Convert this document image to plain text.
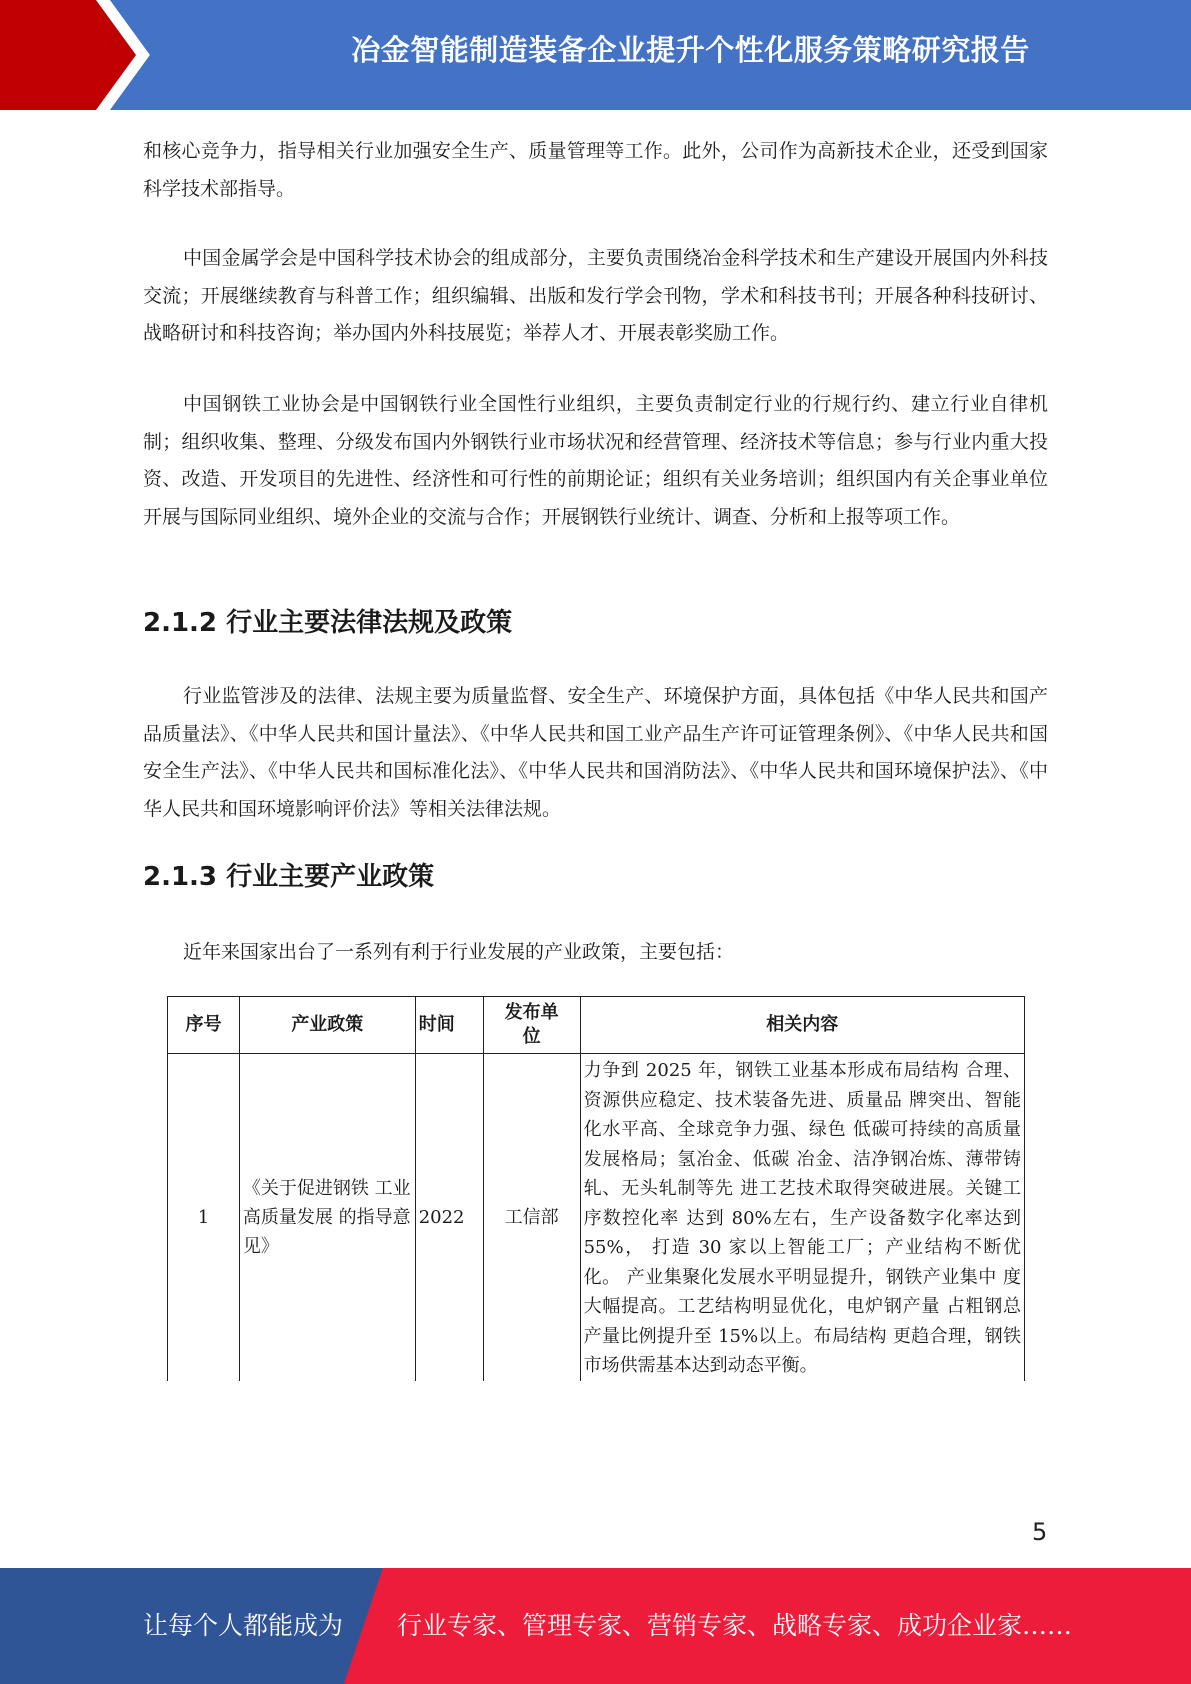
冶金智能制造装备企业提升个性化服务策略研究报告

和核心竞争力，指导相关行业加强安全生产、质量管理等工作。此外，公司作为高新技术企业，还受到国家科学技术部指导。

中国金属学会是中国科学技术协会的组成部分，主要负责围绕冶金科学技术和生产建设开展国内外科技交流；开展继续教育与科普工作；组织编辑、出版和发行学会刊物，学术和科技书刊；开展各种科技研讨、战略研讨和科技咨询；举办国内外科技展览；举荐人才、开展表彰奖励工作。

中国钢铁工业协会是中国钢铁行业全国性行业组织，主要负责制定行业的行规行约、建立行业自律机制；组织收集、整理、分级发布国内外钢铁行业市场状况和经营管理、经济技术等信息；参与行业内重大投资、改造、开发项目的先进性、经济性和可行性的前期论证；组织有关业务培训；组织国内有关企事业单位开展与国际同业组织、境外企业的交流与合作；开展钢铁行业统计、调查、分析和上报等项工作。

2.1.2 行业主要法律法规及政策

行业监管涉及的法律、法规主要为质量监督、安全生产、环境保护方面，具体包括《中华人民共和国产品质量法》、《中华人民共和国计量法》、《中华人民共和国工业产品生产许可证管理条例》、《中华人民共和国安全生产法》、《中华人民共和国标准化法》、《中华人民共和国消防法》、《中华人民共和国环境保护法》、《中华人民共和国环境影响评价法》等相关法律法规。

2.1.3 行业主要产业政策

近年来国家出台了一系列有利于行业发展的产业政策，主要包括：

序号	产业政策	时间	发布单位	相关内容
1	《关于促进钢铁 工业高质量发展 的指导意见》	2022	工信部	力争到 2025 年，钢铁工业基本形成布局结构 合理、资源供应稳定、技术装备先进、质量品 牌突出、智能化水平高、全球竞争力强、绿色 低碳可持续的高质量发展格局；氢冶金、低碳 冶金、洁净钢冶炼、薄带铸轧、无头轧制等先 进工艺技术取得突破进展。关键工序数控化率 达到 80%左右，生产设备数字化率达到 55%， 打造 30 家以上智能工厂；产业结构不断优化。 产业集聚化发展水平明显提升，钢铁产业集中 度大幅提高。工艺结构明显优化，电炉钢产量 占粗钢总产量比例提升至 15%以上。布局结构 更趋合理，钢铁市场供需基本达到动态平衡。
5
让每个人都能成为 行业专家、管理专家、营销专家、战略专家、成功企业家……
